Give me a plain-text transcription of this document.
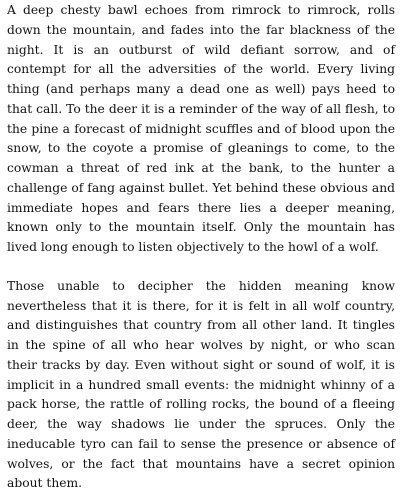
A deep chesty bawl echoes from rimrock to rimrock, rolls down the mountain, and fades into the far blackness of the night. It is an outburst of wild defiant sorrow, and of contempt for all the adversities of the world. Every living thing (and perhaps many a dead one as well) pays heed to that call. To the deer it is a reminder of the way of all flesh, to the pine a forecast of midnight scuffles and of blood upon the snow, to the coyote a promise of gleanings to come, to the cowman a threat of red ink at the bank, to the hunter a challenge of fang against bullet. Yet behind these obvious and immediate hopes and fears there lies a deeper meaning, known only to the mountain itself. Only the mountain has lived long enough to listen objectively to the howl of a wolf.

Those unable to decipher the hidden meaning know nevertheless that it is there, for it is felt in all wolf country, and distinguishes that country from all other land. It tingles in the spine of all who hear wolves by night, or who scan their tracks by day. Even without sight or sound of wolf, it is implicit in a hundred small events: the midnight whinny of a pack horse, the rattle of rolling rocks, the bound of a fleeing deer, the way shadows lie under the spruces. Only the ineducable tyro can fail to sense the presence or absence of wolves, or the fact that mountains have a secret opinion about them.
